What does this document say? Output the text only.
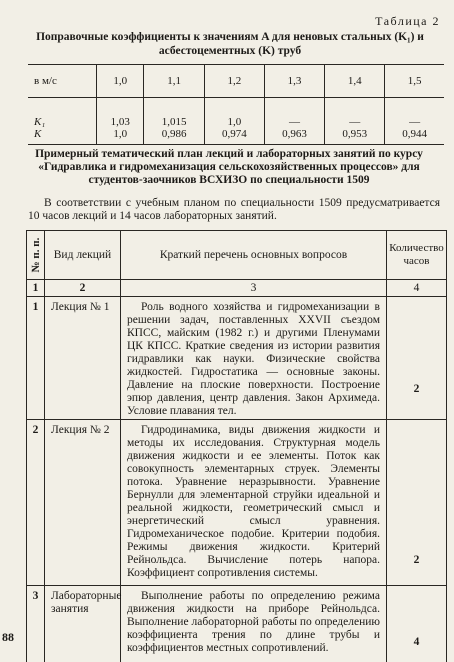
Таблица 2
Поправочные коэффициенты к значениям A для неновых стальных (K₁) и асбестоцементных (K) труб
в м/с	1,0	1,1	1,2	1,3	1,4	1,5
K₁	1,03	1,015	1,0	—	—	—
K	1,0	0,986	0,974	0,963	0,953	0,944
Примерный тематический план лекций и лабораторных занятий по курсу «Гидравлика и гидромеханизация сельскохозяйственных процессов» для студентов-заочников ВСХИЗО по специальности 1509
В соответствии с учебным планом по специальности 1509 предусматривается 10 часов лекций и 14 часов лабораторных занятий.
№ п. п.	Вид лекций	Краткий перечень основных вопросов	Количество часов
1	2	3	4
1	Лекция № 1	Роль водного хозяйства и гидромеханизации в решении задач, поставленных XXVII съездом КПСС, майским (1982 г.) и другими Пленумами ЦК КПСС. Краткие сведения из истории развития гидравлики как науки. Физические свойства жидкостей. Гидростатика — основные законы. Давление на плоские поверхности. Построение эпюр давления, центр давления. Закон Архимеда. Условие плавания тел.	2

2	Лекция № 2	Гидродинамика, виды движения жидкости и методы их исследования. Структурная модель движения жидкости и ее элементы. Поток как совокупность элементарных струек. Элементы потока. Уравнение неразрывности. Уравнение Бернулли для элементарной струйки идеальной и реальной жидкости, геометрический смысл и энергетический смысл уравнения. Гидромеханическое подобие. Критерии подобия. Режимы движения жидкости. Критерий Рейнольдса. Вычисление потерь напора. Коэффициент сопротивления системы.	2

3	Лабораторные занятия	Выполнение работы по определению режима движения жидкости на приборе Рейнольдса. Выполнение лабораторной работы по определению коэффициента трения по длине трубы и коэффициентов местных сопротивлений.	4
88
